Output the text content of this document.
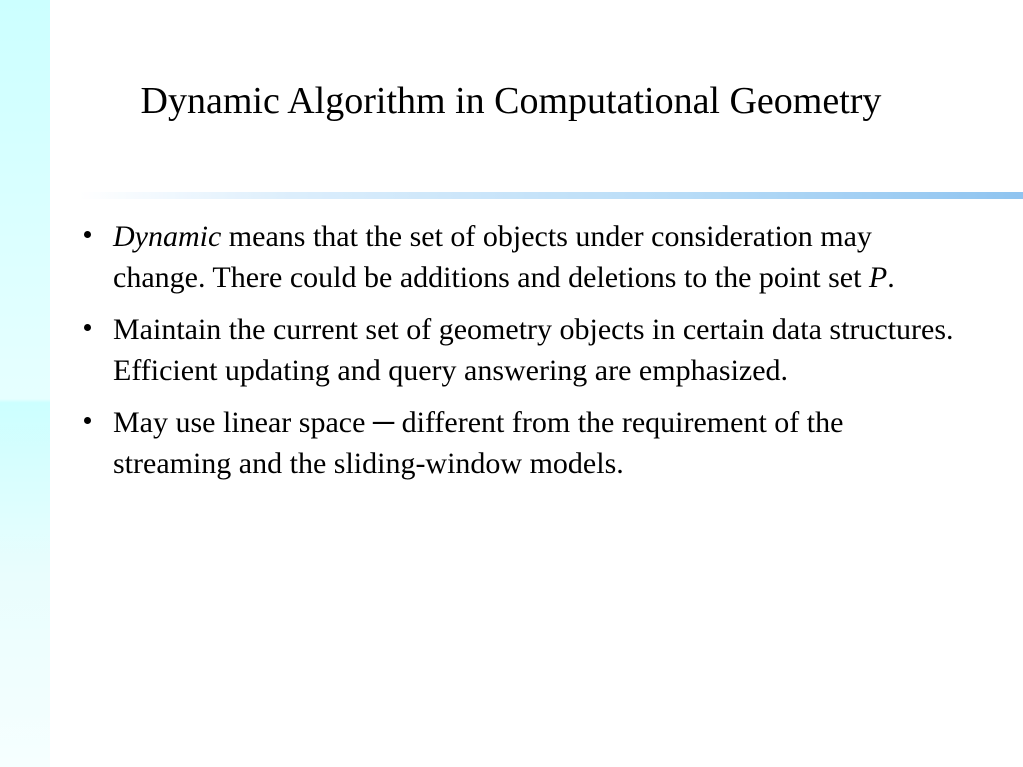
Dynamic Algorithm in Computational Geometry
Dynamic means that the set of objects under consideration may change. There could be additions and deletions to the point set P.
Maintain the current set of geometry objects in certain data structures. Efficient updating and query answering are emphasized.
May use linear space ─ different from the requirement of the streaming and the sliding-window models.
